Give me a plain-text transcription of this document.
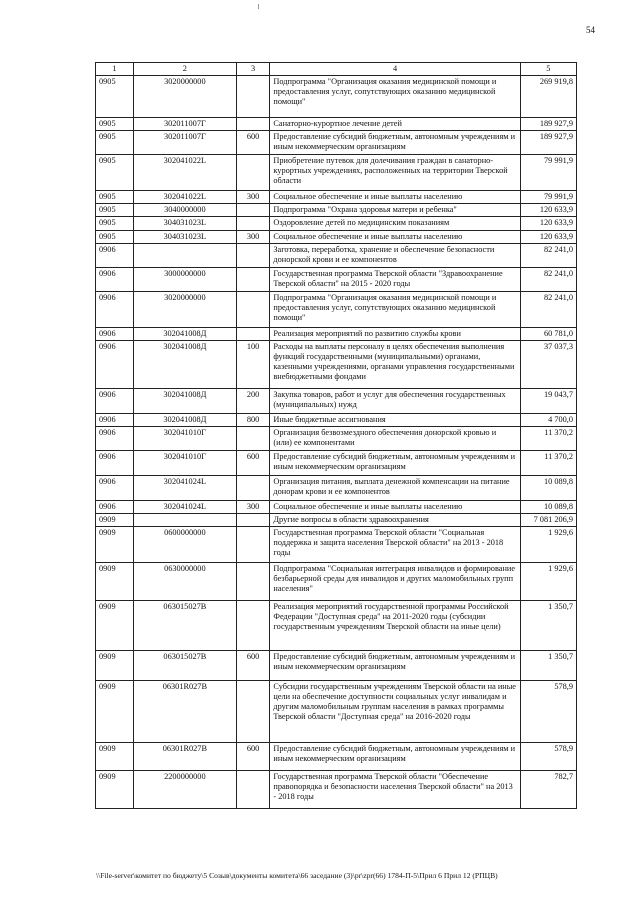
54
1	2	3	4	5
0905	3020000000		Подпрограмма "Организация оказания медицинской помощи и предоставления услуг, сопутствующих оказанию медицинской помощи"	269 919,8
0905	302011007Г		Санаторно-курортное лечение детей	189 927,9
0905	302011007Г	600	Предоставление субсидий бюджетным, автономным учреждениям и иным некоммерческим организациям	189 927,9
0905	302041022L		Приобретение путевок для долечивания граждан в санаторно-курортных учреждениях, расположенных на территории Тверской области	79 991,9
0905	302041022L	300	Социальное обеспечение и иные выплаты населению	79 991,9
0905	3040000000		Подпрограмма "Охрана здоровья матери и ребенка"	120 633,9
0905	304031023L		Оздоровление детей по медицинским показаниям	120 633,9
0905	304031023L	300	Социальное обеспечение и иные выплаты населению	120 633,9
0906			Заготовка, переработка, хранение и обеспечение безопасности донорской крови и ее компонентов	82 241,0
0906	3000000000		Государственная программа Тверской области "Здравоохранение Тверской области" на 2015 - 2020 годы	82 241,0
0906	3020000000		Подпрограмма "Организация оказания медицинской помощи и предоставления услуг, сопутствующих оказанию медицинской помощи"	82 241,0
0906	302041008Д		Реализация мероприятий по развитию службы крови	60 781,0
0906	302041008Д	100	Расходы на выплаты персоналу в целях обеспечения выполнения функций государственными (муниципальными) органами, казенными учреждениями, органами управления государственными внебюджетными фондами	37 037,3
0906	302041008Д	200	Закупка товаров, работ и услуг для обеспечения государственных (муниципальных) нужд	19 043,7
0906	302041008Д	800	Иные бюджетные ассигнования	4 700,0
0906	302041010Г		Организация безвозмездного обеспечения донорской кровью и (или) ее компонентами	11 370,2
0906	302041010Г	600	Предоставление субсидий бюджетным, автономным учреждениям и иным некоммерческим организациям	11 370,2
0906	302041024L		Организация питания, выплата денежной компенсации на питание донорам крови и ее компонентов	10 089,8
0906	302041024L	300	Социальное обеспечение и иные выплаты населению	10 089,8
0909			Другие вопросы в области здравоохранения	7 081 206,9
0909	0600000000		Государственная программа Тверской области "Социальная поддержка и защита населения Тверской области" на 2013 - 2018 годы	1 929,6
0909	0630000000		Подпрограмма "Социальная интеграция инвалидов и формирование безбарьерной среды для инвалидов и других маломобильных групп населения"	1 929,6
0909	063015027В		Реализация мероприятий государственной программы Российской Федерации "Доступная среда" на 2011-2020 годы (субсидии государственным учреждениям Тверской области на иные цели)	1 350,7
0909	063015027В	600	Предоставление субсидий бюджетным, автономным учреждениям и иным некоммерческим организациям	1 350,7
0909	06301R027В		Субсидии государственным учреждениям Тверской области на иные цели на обеспечение доступности социальных услуг инвалидам и другим маломобильным группам населения в рамках программы Тверской области "Доступная среда" на 2016-2020 годы	578,9
0909	06301R027В	600	Предоставление субсидий бюджетным, автономным учреждениям и иным некоммерческим организациям	578,9
0909	2200000000		Государственная программа Тверской области "Обеспечение правопорядка и безопасности населения Тверской области" на 2013 - 2018 годы	782,7
\\File-server\комитет по бюджету\5 Созыв\документы комитета\66 заседание (3)\pr\zpr(66) 1784-П-5\Прил 6 Прил 12 (РПЦВ)
